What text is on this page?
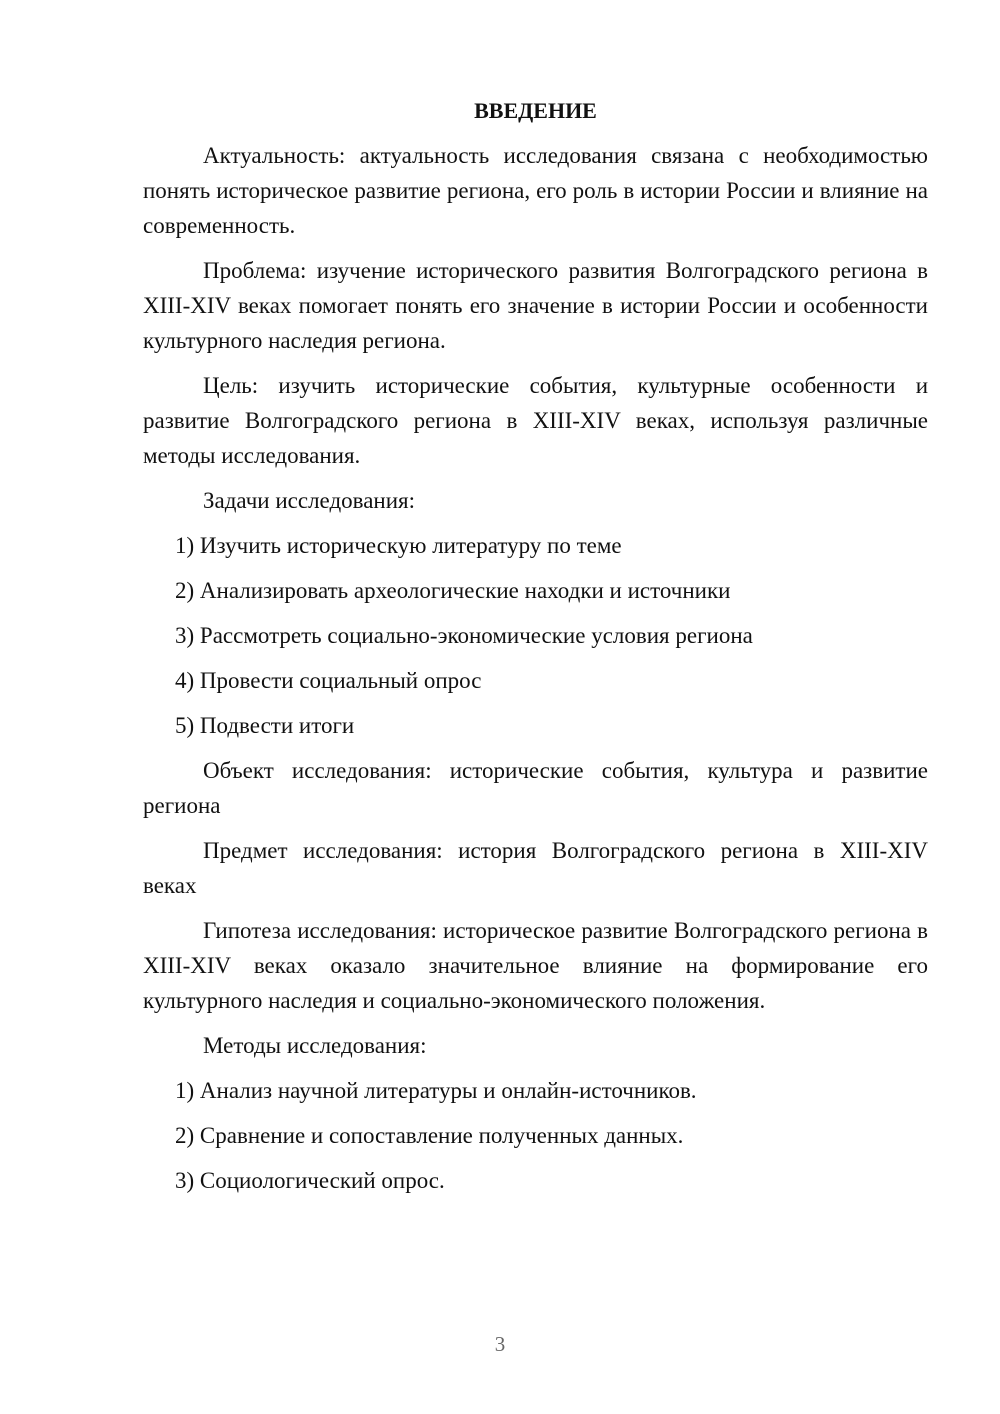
ВВЕДЕНИЕ

Актуальность: актуальность исследования связана с необходимостью понять историческое развитие региона, его роль в истории России и влияние на современность.

Проблема: изучение исторического развития Волгоградского региона в XIII-XIV веках помогает понять его значение в истории России и особенности культурного наследия региона.

Цель: изучить исторические события, культурные особенности и развитие Волгоградского региона в XIII-XIV веках, используя различные методы исследования.

Задачи исследования:

1) Изучить историческую литературу по теме
2) Анализировать археологические находки и источники
3) Рассмотреть социально-экономические условия региона
4) Провести социальный опрос
5) Подвести итоги

Объект исследования: исторические события, культура и развитие региона

Предмет исследования: история Волгоградского региона в XIII-XIV веках

Гипотеза исследования: историческое развитие Волгоградского региона в XIII-XIV веках оказало значительное влияние на формирование его культурного наследия и социально-экономического положения.

Методы исследования:

1) Анализ научной литературы и онлайн-источников.
2) Сравнение и сопоставление полученных данных.
3) Социологический опрос.
3
